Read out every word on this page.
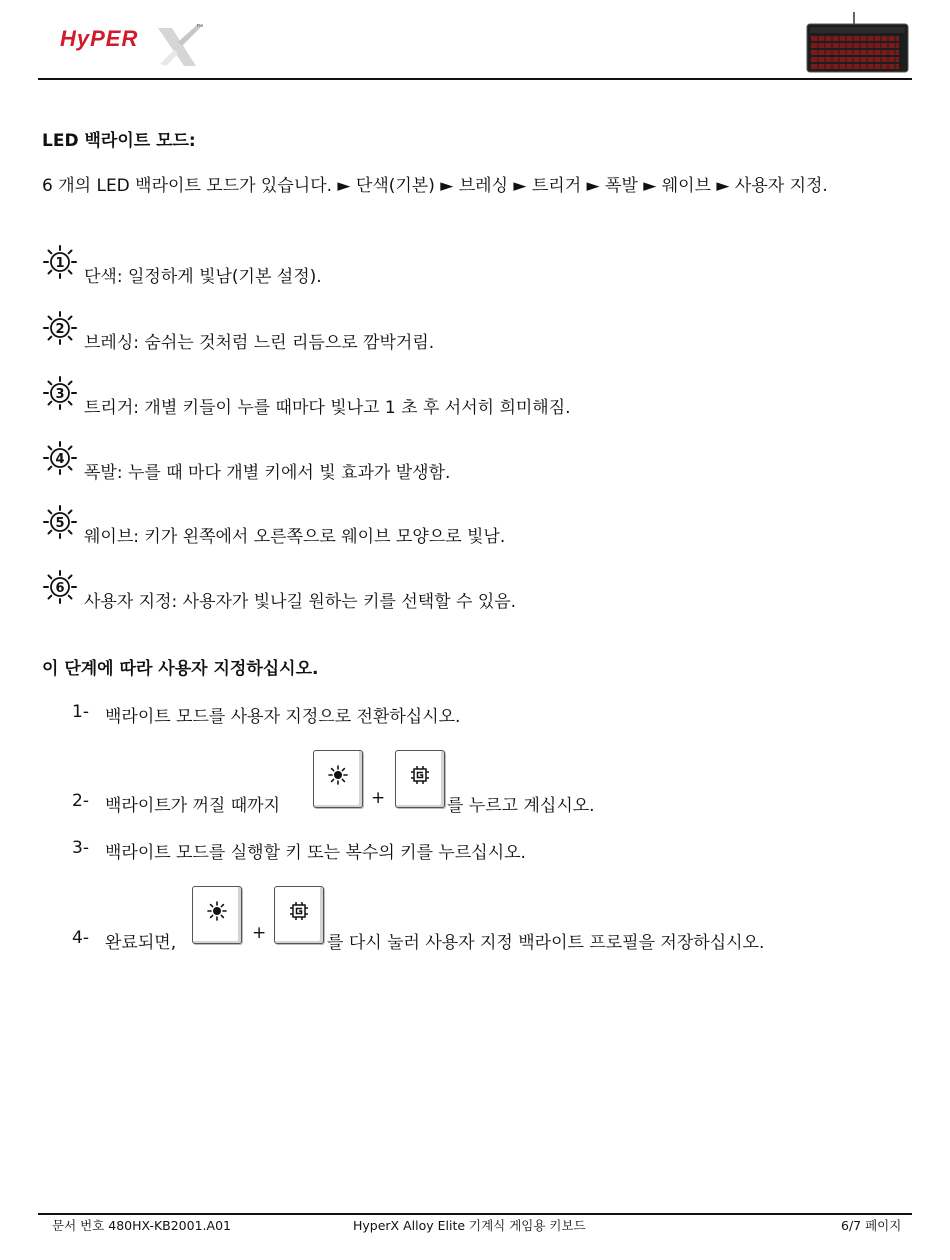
HyPER	™
LED 백라이트 모드:
6 개의 LED 백라이트 모드가 있습니다. ► 단색(기본) ► 브레싱 ► 트리거 ► 폭발 ► 웨이브 ► 사용자 지정.
1
단색: 일정하게 빛남(기본 설정).
2
브레싱: 숨쉬는 것처럼 느린 리듬으로 깜박거림.
3
트리거: 개별 키들이 누를 때마다 빛나고 1 초 후 서서히 희미해짐.
4
폭발: 누를 때 마다 개별 키에서 빛 효과가 발생함.
5
웨이브: 키가 왼쪽에서 오른쪽으로 웨이브 모양으로 빛남.
6
사용자 지정: 사용자가 빛나길 원하는 키를 선택할 수 있음.
이 단계에 따라 사용자 지정하십시오.
1- 백라이트 모드를 사용자 지정으로 전환하십시오.
2- 백라이트가 꺼질 때까지	+	를 누르고 계십시오.
3- 백라이트 모드를 실행할 키 또는 복수의 키를 누르십시오.
4- 완료되면,	+	를 다시 눌러 사용자 지정 백라이트 프로필을 저장하십시오.
문서 번호 480HX-KB2001.A01	HyperX Alloy Elite 기계식 게임용 키보드	6/7 페이지
